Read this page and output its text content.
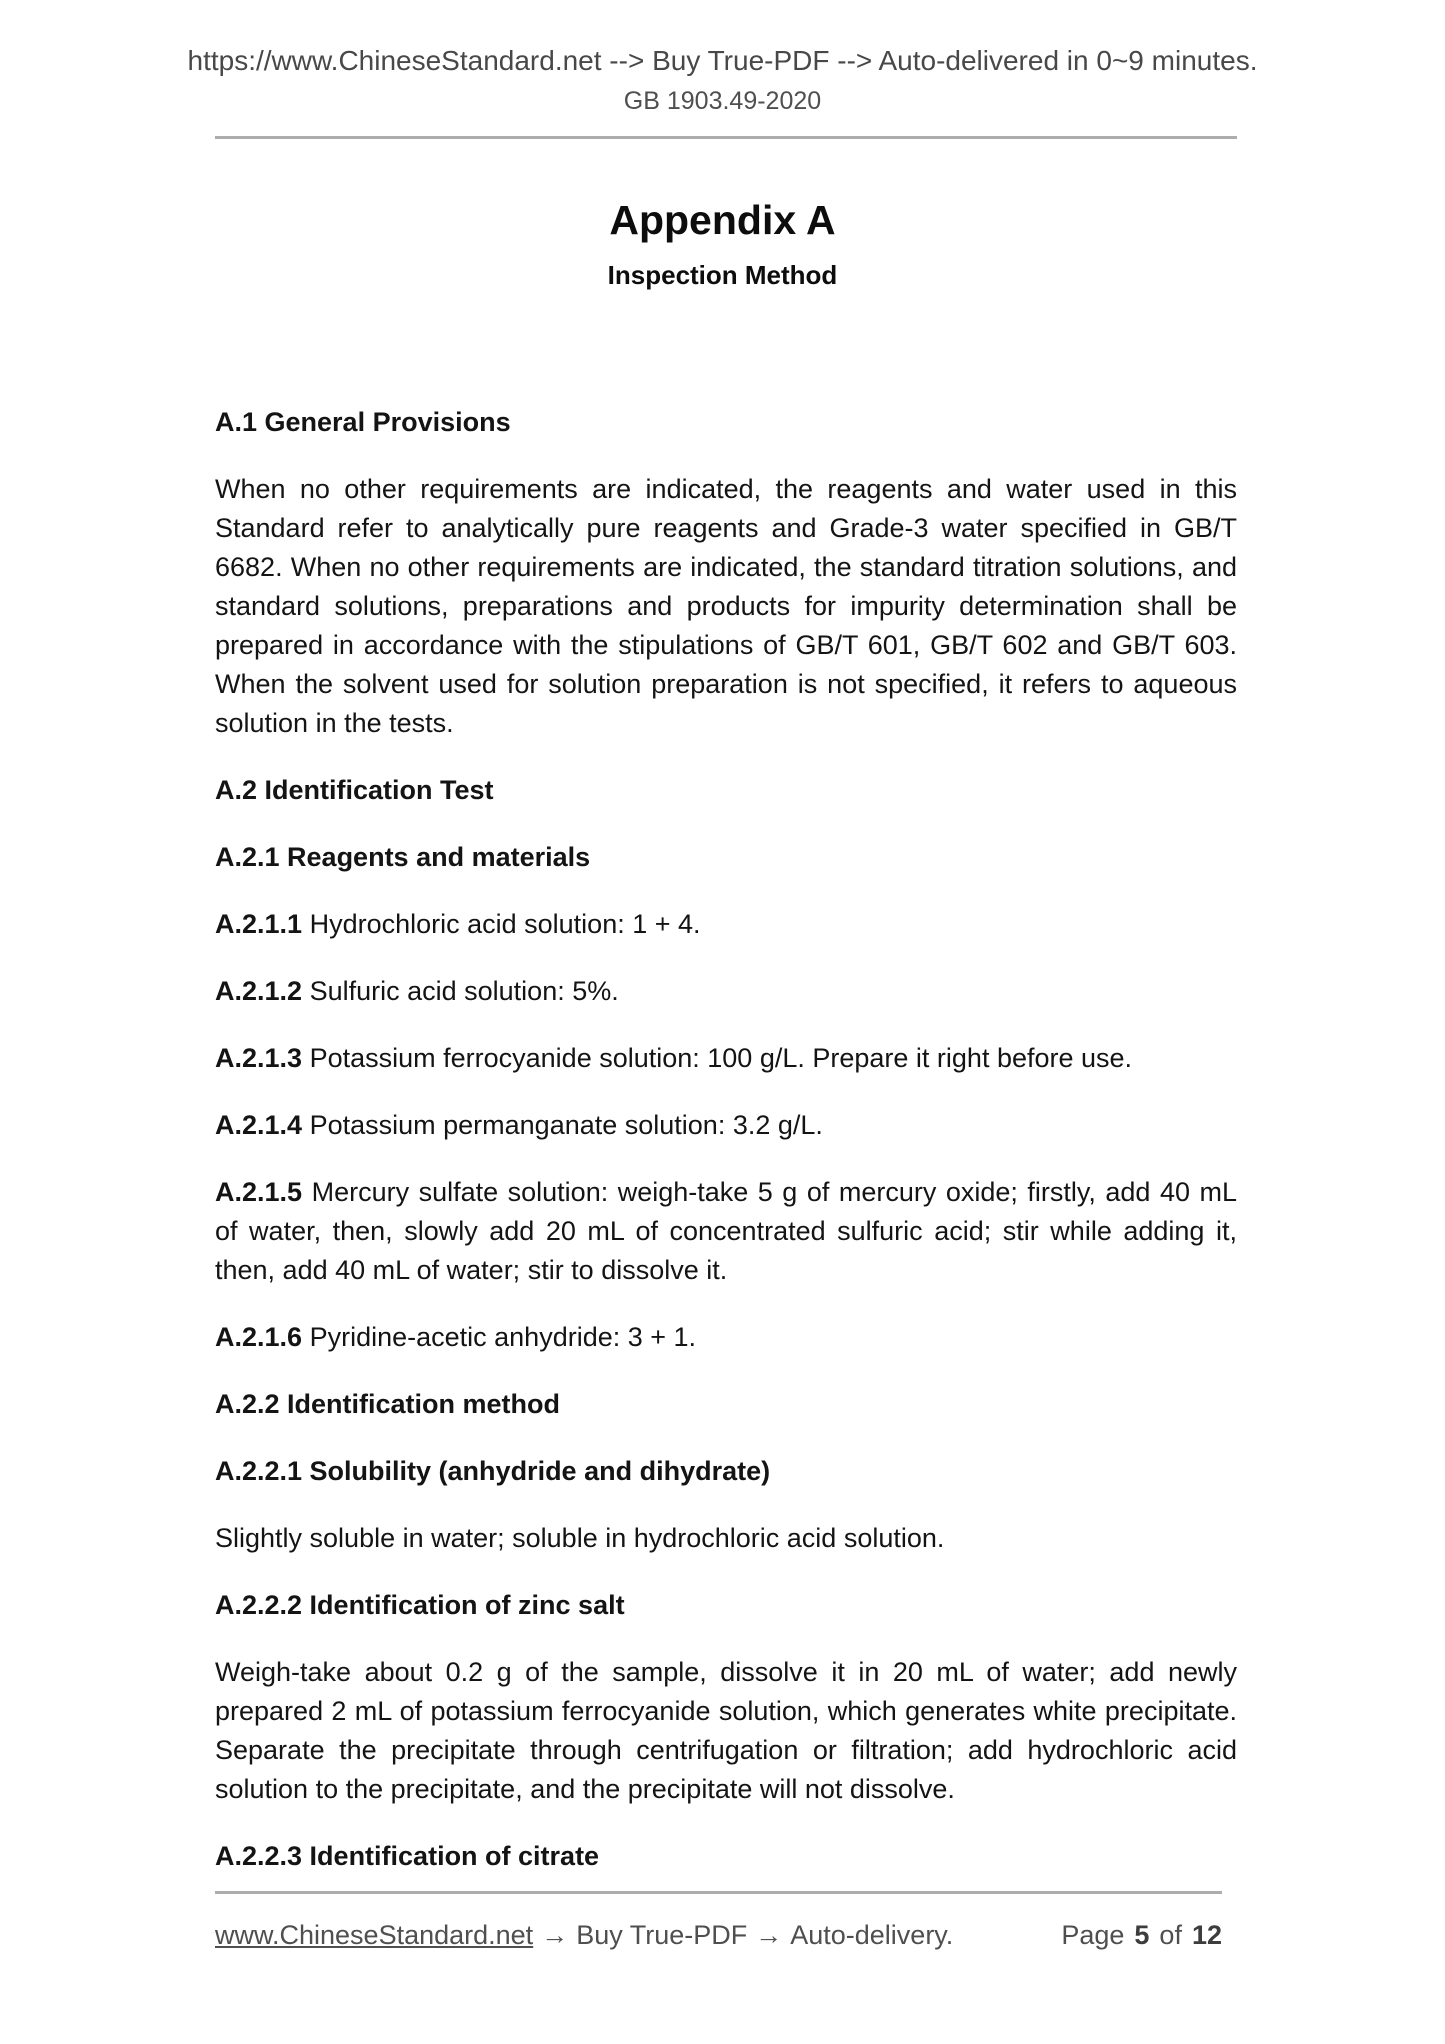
https://www.ChineseStandard.net --> Buy True-PDF --> Auto-delivered in 0~9 minutes.
GB 1903.49-2020
Appendix A
Inspection Method

A.1 General Provisions

When no other requirements are indicated, the reagents and water used in this Standard refer to analytically pure reagents and Grade-3 water specified in GB/T 6682. When no other requirements are indicated, the standard titration solutions, and standard solutions, preparations and products for impurity determination shall be prepared in accordance with the stipulations of GB/T 601, GB/T 602 and GB/T 603. When the solvent used for solution preparation is not specified, it refers to aqueous solution in the tests.

A.2 Identification Test

A.2.1 Reagents and materials

A.2.1.1 Hydrochloric acid solution: 1 + 4.

A.2.1.2 Sulfuric acid solution: 5%.

A.2.1.3 Potassium ferrocyanide solution: 100 g/L. Prepare it right before use.

A.2.1.4 Potassium permanganate solution: 3.2 g/L.

A.2.1.5 Mercury sulfate solution: weigh-take 5 g of mercury oxide; firstly, add 40 mL of water, then, slowly add 20 mL of concentrated sulfuric acid; stir while adding it, then, add 40 mL of water; stir to dissolve it.

A.2.1.6 Pyridine-acetic anhydride: 3 + 1.

A.2.2 Identification method

A.2.2.1 Solubility (anhydride and dihydrate)

Slightly soluble in water; soluble in hydrochloric acid solution.

A.2.2.2 Identification of zinc salt

Weigh-take about 0.2 g of the sample, dissolve it in 20 mL of water; add newly prepared 2 mL of potassium ferrocyanide solution, which generates white precipitate. Separate the precipitate through centrifugation or filtration; add hydrochloric acid solution to the precipitate, and the precipitate will not dissolve.

A.2.2.3 Identification of citrate

www.ChineseStandard.net → Buy True-PDF → Auto-delivery.	Page 5 of 12
